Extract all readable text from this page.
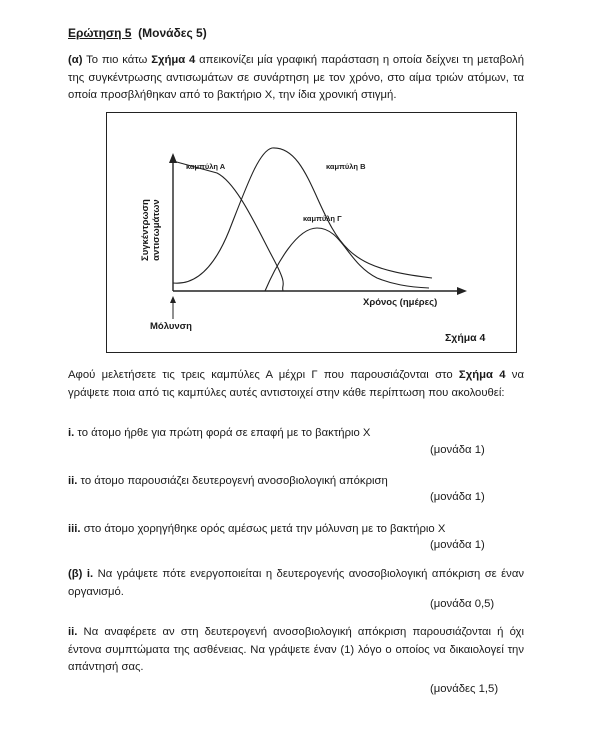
Ερώτηση 5 (Μονάδες 5)
(α) Το πιο κάτω Σχήμα 4 απεικονίζει μία γραφική παράσταση η οποία δείχνει τη μεταβολή της συγκέντρωσης αντισωμάτων σε συνάρτηση με τον χρόνο, στο αίμα τριών ατόμων, τα οποία προσβλήθηκαν από το βακτήριο Χ, την ίδια χρονική στιγμή.
καμπύλη Α	καμπύλη Β
καμπύλη Γ
Συγκέντρωση αντισωμάτων
Χρόνος (ημέρες)
Μόλυνση
Σχήμα 4
Αφού μελετήσετε τις τρεις καμπύλες Α μέχρι Γ που παρουσιάζονται στο Σχήμα 4 να γράψετε ποια από τις καμπύλες αυτές αντιστοιχεί στην κάθε περίπτωση που ακολουθεί:
i. το άτομο ήρθε για πρώτη φορά σε επαφή με το βακτήριο Χ
(μονάδα 1)
ii. το άτομο παρουσιάζει δευτερογενή ανοσοβιολογική απόκριση
(μονάδα 1)
iii. στο άτομο χορηγήθηκε ορός αμέσως μετά την μόλυνση με το βακτήριο Χ
(μονάδα 1)
(β) i. Να γράψετε πότε ενεργοποιείται η δευτερογενής ανοσοβιολογική απόκριση σε έναν οργανισμό.
(μονάδα 0,5)
ii. Να αναφέρετε αν στη δευτερογενή ανοσοβιολογική απόκριση παρουσιάζονται ή όχι έντονα συμπτώματα της ασθένειας. Να γράψετε έναν (1) λόγο ο οποίος να δικαιολογεί την απάντησή σας.
(μονάδες 1,5)
